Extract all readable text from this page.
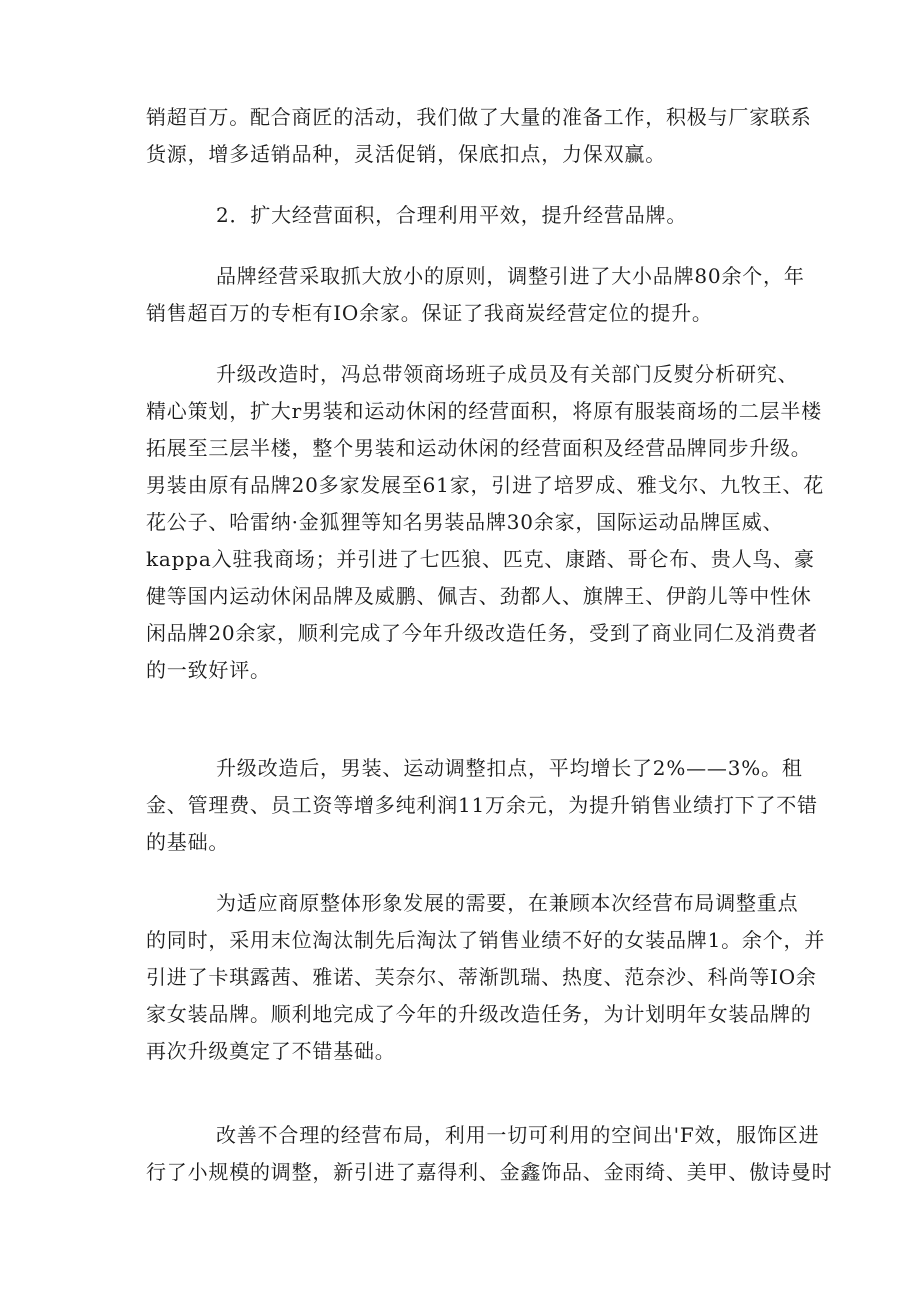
销超百万。配合商匠的活动，我们做了大量的准备工作，积极与厂家联系
货源，增多适销品种，灵活促销，保底扣点，力保双赢。
2．扩大经营面积，合理利用平效，提升经营品牌。
品牌经营采取抓大放小的原则，调整引进了大小品牌80余个，年
销售超百万的专柜有IO余家。保证了我商炭经营定位的提升。
升级改造时，冯总带领商场班子成员及有关部门反熨分析研究、
精心策划，扩大r男装和运动休闲的经营面积，将原有服装商场的二层半楼
拓展至三层半楼，整个男装和运动休闲的经营面积及经营品牌同步升级。
男装由原有品牌20多家发展至61家，引进了培罗成、雅戈尔、九牧王、花
花公子、哈雷纳·金狐狸等知名男装品牌30余家，国际运动品牌匡威、
kappa入驻我商场；并引进了七匹狼、匹克、康踏、哥仑布、贵人鸟、豪
健等国内运动休闲品牌及威鹏、佩吉、劲都人、旗牌王、伊韵儿等中性休
闲品牌20余家，顺利完成了今年升级改造任务，受到了商业同仁及消费者
的一致好评。
升级改造后，男装、运动调整扣点，平均增长了2%——3%。租
金、管理费、员工资等增多纯利润11万余元，为提升销售业绩打下了不错
的基础。
为适应商原整体形象发展的需要，在兼顾本次经营布局调整重点
的同时，采用末位淘汰制先后淘汰了销售业绩不好的女装品牌1。余个，并
引进了卡琪露茜、雅诺、芙奈尔、蒂渐凯瑞、热度、范奈沙、科尚等IO余
家女装品牌。顺利地完成了今年的升级改造任务，为计划明年女装品牌的
再次升级奠定了不错基础。
改善不合理的经营布局，利用一切可利用的空间出'F效，服饰区进
行了小规模的调整，新引进了嘉得利、金鑫饰品、金雨绮、美甲、傲诗曼时
